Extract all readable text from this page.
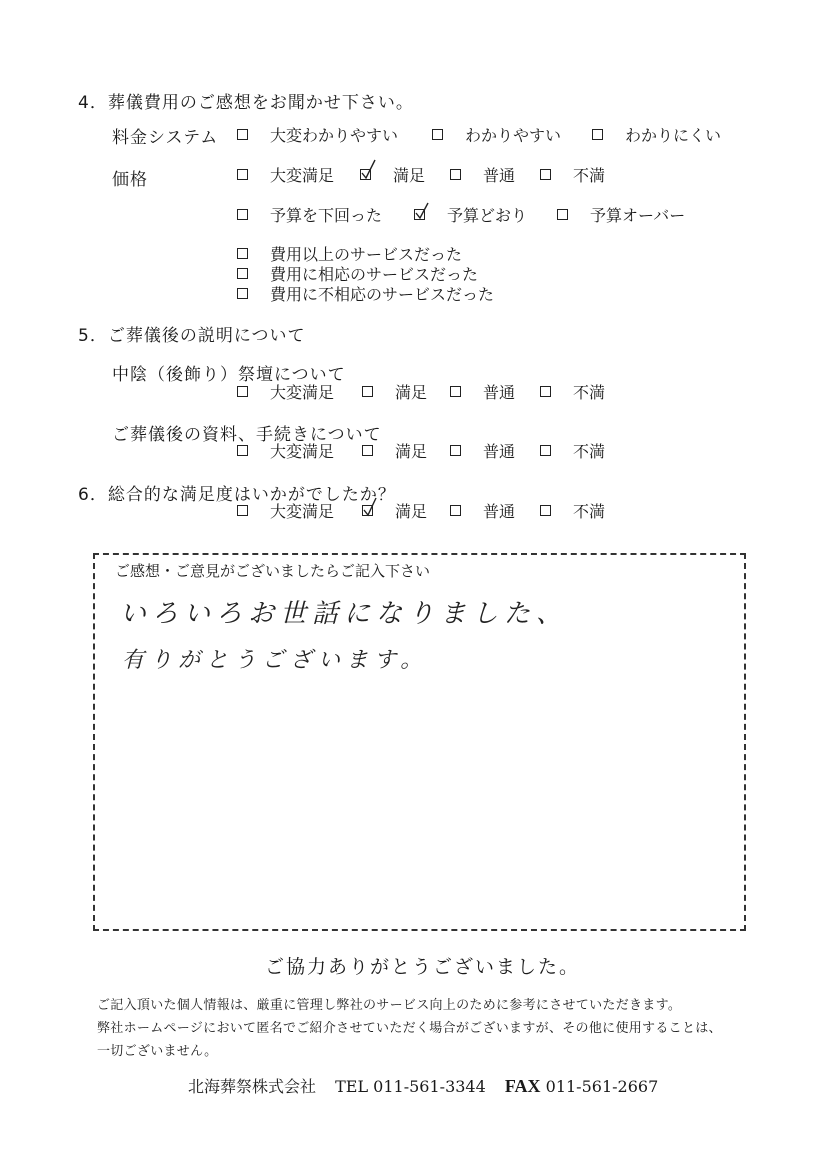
4．葬儀費用のご感想をお聞かせ下さい。
料金システム	大変わかりやすい	わかりやすい	わかりにくい
価格	大変満足	満足	普通	不満
予算を下回った	予算どおり	予算オーバー
費用以上のサービスだった
費用に相応のサービスだった
費用に不相応のサービスだった
5．ご葬儀後の説明について
中陰（後飾り）祭壇について
大変満足	満足	普通	不満
ご葬儀後の資料、手続きについて
大変満足	満足	普通	不満
6．総合的な満足度はいかがでしたか？
大変満足	満足	普通	不満
ご感想・ご意見がございましたらご記入下さい
いろいろお世話になりました、
有りがとうございます。
ご協力ありがとうございました。
ご記入頂いた個人情報は、厳重に管理し弊社のサービス向上のために参考にさせていただきます。
弊社ホームページにおいて匿名でご紹介させていただく場合がございますが、その他に使用することは、
一切ございません。
北海葬祭株式会社 TEL 011-561-3344 FAX 011-561-2667
